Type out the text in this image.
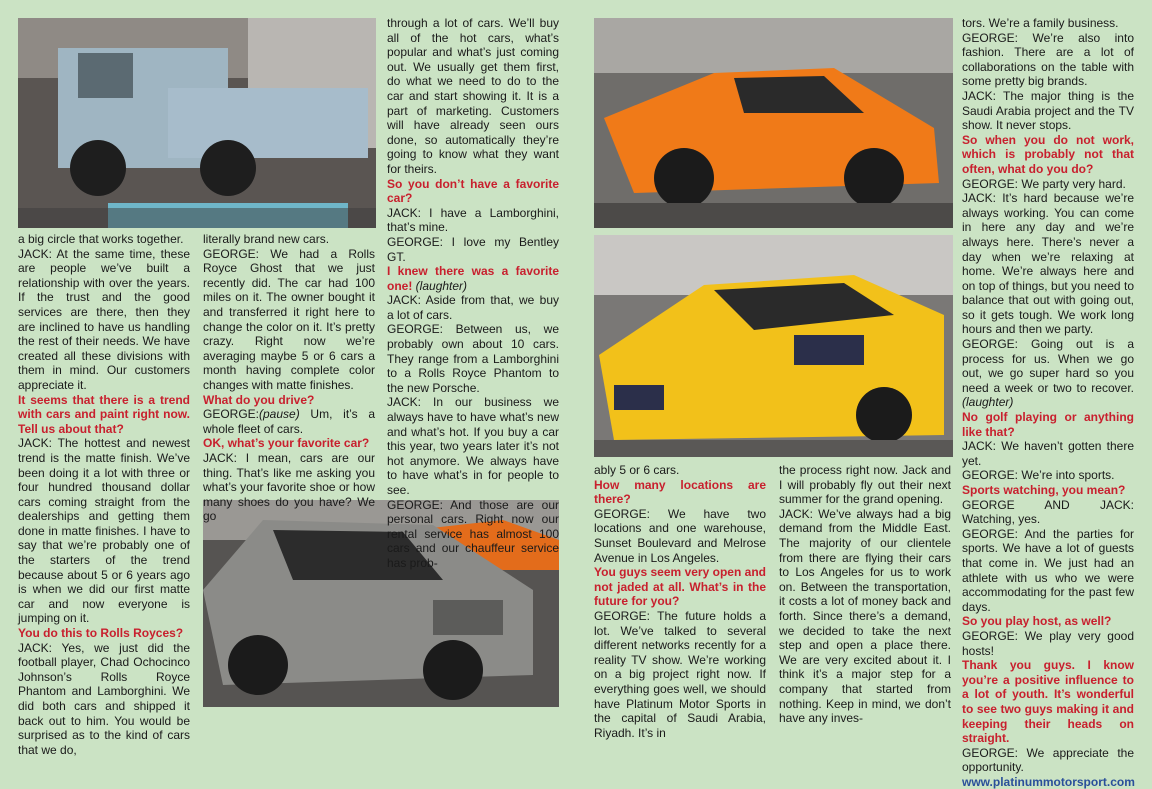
a big circle that works together.

JACK: At the same time, these are people we’ve built a relationship with over the years. If the trust and the good services are there, then they are inclined to have us handling the rest of their needs. We have created all these divisions with them in mind. Our customers appreciate it.

It seems that there is a trend with cars and paint right now. Tell us about that?

JACK: The hottest and newest trend is the matte finish. We’ve been doing it a lot with three or four hundred thousand dollar cars coming straight from the dealerships and getting them done in matte finishes. I have to say that we’re probably one of the starters of the trend because about 5 or 6 years ago is when we did our first matte car and now everyone is jumping on it.

You do this to Rolls Royces?

JACK: Yes, we just did the football player, Chad Ochocinco Johnson’s Rolls Royce Phantom and Lamborghini. We did both cars and shipped it back out to him. You would be surprised as to the kind of cars that we do,

literally brand new cars.

GEORGE: We had a Rolls Royce Ghost that we just recently did. The car had 100 miles on it. The owner bought it and transferred it right here to change the color on it. It’s pretty crazy. Right now we’re averaging maybe 5 or 6 cars a month having complete color changes with matte finishes.

What do you drive?

GEORGE:(pause) Um, it’s a whole fleet of cars.

OK, what’s your favorite car?

JACK: I mean, cars are our thing. That’s like me asking you what’s your favorite shoe or how many shoes do you have? We go

through a lot of cars. We’ll buy all of the hot cars, what’s popular and what’s just coming out. We usually get them first, do what we need to do to the car and start showing it. It is a part of marketing. Customers will have already seen ours done, so automatically they’re going to know what they want for theirs.

So you don’t have a favorite car?

JACK: I have a Lamborghini, that’s mine.

GEORGE: I love my Bentley GT.

I knew there was a favorite one! (laughter)

JACK: Aside from that, we buy a lot of cars.

GEORGE: Between us, we probably own about 10 cars. They range from a Lamborghini to a Rolls Royce Phantom to the new Porsche.

JACK: In our business we always have to have what’s new and what’s hot. If you buy a car this year, two years later it’s not hot anymore. We always have to have what’s in for people to see.

GEORGE: And those are our personal cars. Right now our rental service has almost 100 cars and our chauffeur service has prob-

ably 5 or 6 cars.

How many locations are there?

GEORGE: We have two locations and one warehouse, Sunset Boulevard and Melrose Avenue in Los Angeles.

You guys seem very open and not jaded at all. What’s in the future for you?

GEORGE: The future holds a lot. We’ve talked to several different networks recently for a reality TV show. We’re working on a big project right now. If everything goes well, we should have Platinum Motor Sports in the capital of Saudi Arabia, Riyadh. It’s in

the process right now. Jack and I will probably fly out their next summer for the grand opening.

JACK: We’ve always had a big demand from the Middle East. The majority of our clientele from there are flying their cars to Los Angeles for us to work on. Between the transportation, it costs a lot of money back and forth. Since there’s a demand, we decided to take the next step and open a place there. We are very excited about it. I think it’s a major step for a company that started from nothing. Keep in mind, we don’t have any inves-

tors. We’re a family business.

GEORGE: We’re also into fashion. There are a lot of collaborations on the table with some pretty big brands.

JACK: The major thing is the Saudi Arabia project and the TV show. It never stops.

So when you do not work, which is probably not that often, what do you do?

GEORGE: We party very hard.

JACK: It’s hard because we’re always working. You can come in here any day and we’re always here. There’s never a day when we’re relaxing at home. We’re always here and on top of things, but you need to balance that out with going out, so it gets tough. We work long hours and then we party.

GEORGE: Going out is a process for us. When we go out, we go super hard so you need a week or two to recover. (laughter)

No golf playing or anything like that?

JACK: We haven’t gotten there yet.

GEORGE: We’re into sports.

Sports watching, you mean?

GEORGE AND JACK: Watching, yes.

GEORGE: And the parties for sports. We have a lot of guests that come in. We just had an athlete with us who we were accommodating for the past few days.

So you play host, as well?

GEORGE: We play very good hosts!

Thank you guys. I know you’re a positive influence to a lot of youth. It’s wonderful to see two guys making it and keeping their heads on straight.

GEORGE: We appreciate the opportunity.

www.platinummotorsport.com
